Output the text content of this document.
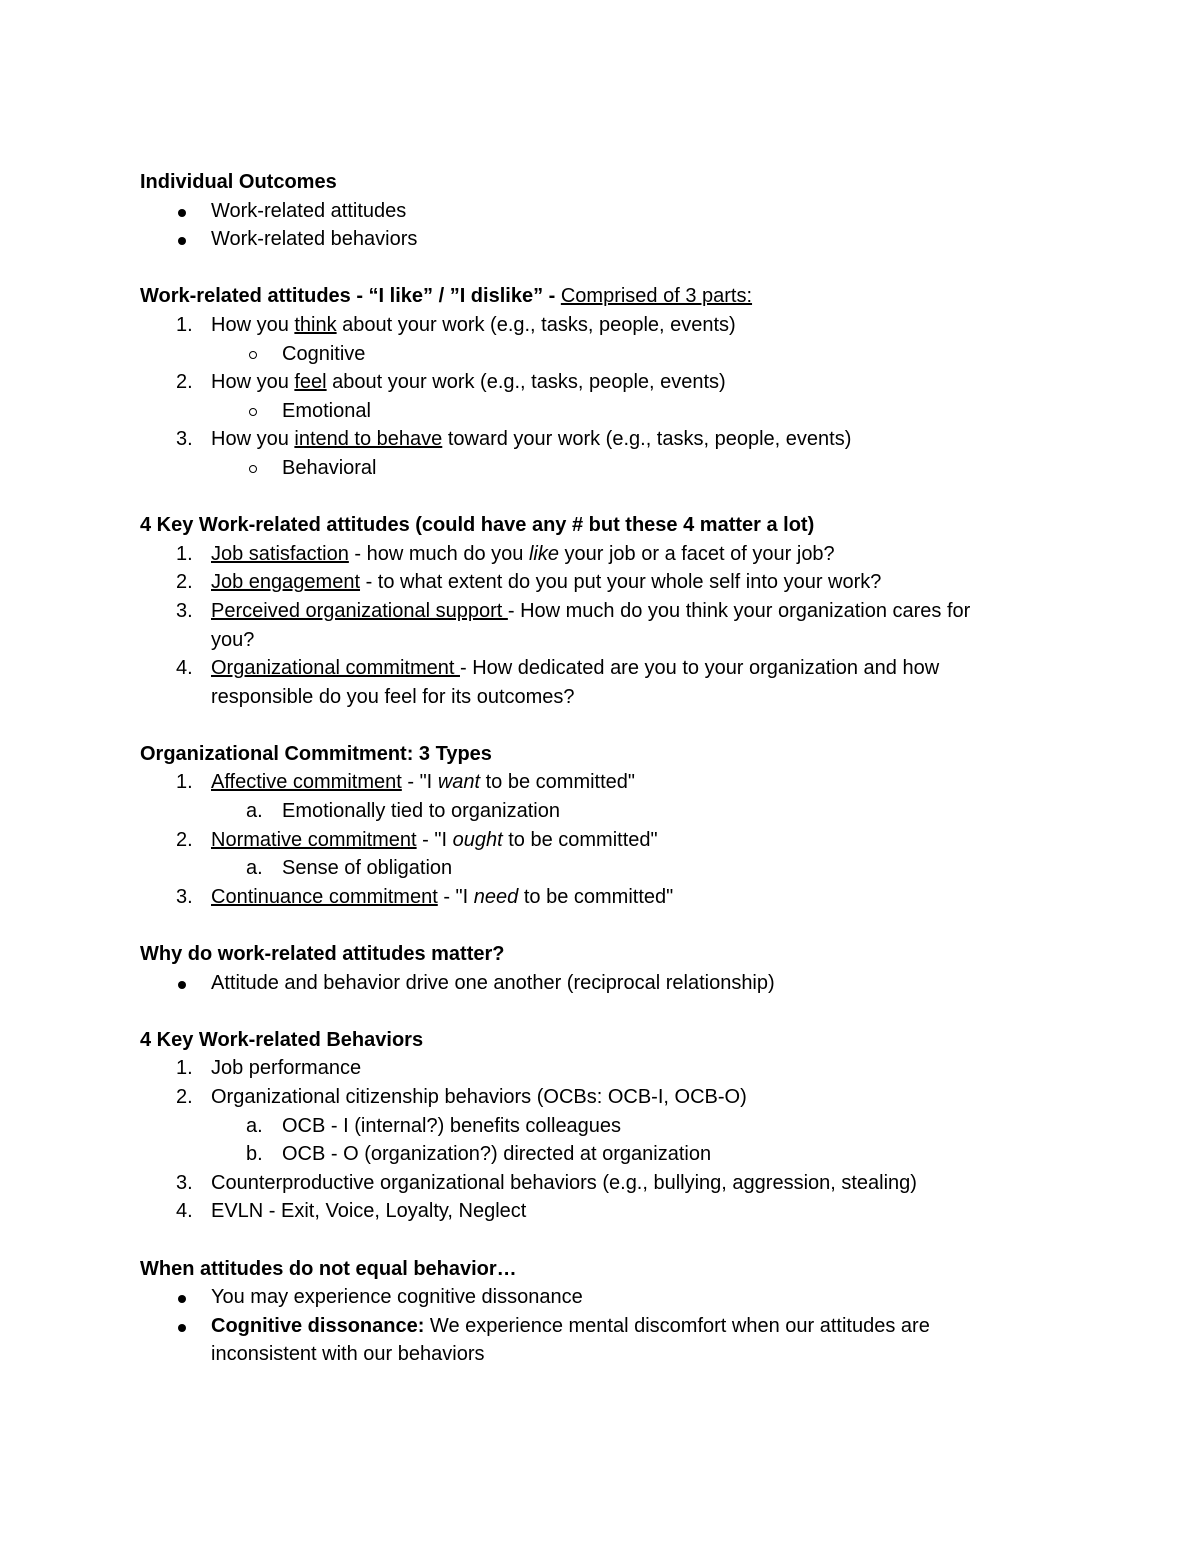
Individual Outcomes

Work-related attitudes
Work-related behaviors

Work-related attitudes - “I like” / ”I dislike” - Comprised of 3 parts:

1. How you think about your work (e.g., tasks, people, events)
Cognitive
2. How you feel about your work (e.g., tasks, people, events)
Emotional
3. How you intend to behave toward your work (e.g., tasks, people, events)
Behavioral

4 Key Work-related attitudes (could have any # but these 4 matter a lot)

1. Job satisfaction - how much do you like your job or a facet of your job?
2. Job engagement - to what extent do you put your whole self into your work?
3. Perceived organizational support - How much do you think your organization cares for
you?
4. Organizational commitment - How dedicated are you to your organization and how
responsible do you feel for its outcomes?

Organizational Commitment: 3 Types

1. Affective commitment - "I want to be committed"
a. Emotionally tied to organization
2. Normative commitment - "I ought to be committed"
a. Sense of obligation
3. Continuance commitment - "I need to be committed"

Why do work-related attitudes matter?

Attitude and behavior drive one another (reciprocal relationship)

4 Key Work-related Behaviors

1. Job performance
2. Organizational citizenship behaviors (OCBs: OCB-I, OCB-O)
a. OCB - I (internal?) benefits colleagues
b. OCB - O (organization?) directed at organization
3. Counterproductive organizational behaviors (e.g., bullying, aggression, stealing)
4. EVLN - Exit, Voice, Loyalty, Neglect

When attitudes do not equal behavior…

You may experience cognitive dissonance
Cognitive dissonance: We experience mental discomfort when our attitudes are
inconsistent with our behaviors
